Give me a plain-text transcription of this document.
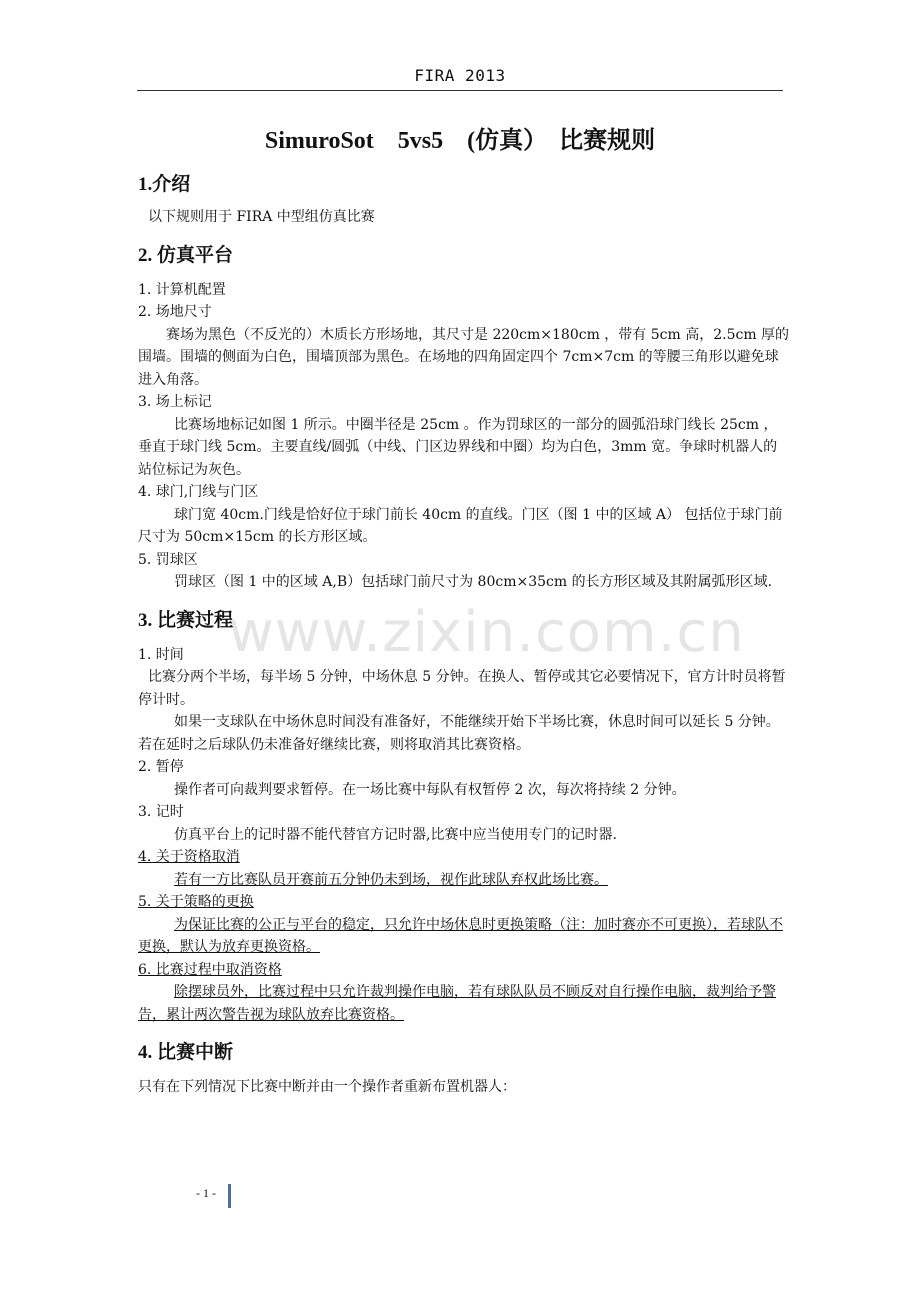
FIRA 2013
SimuroSot    5vs5    (仿真）  比赛规则
1.介绍

以下规则用于 FIRA 中型组仿真比赛

2. 仿真平台

1. 计算机配置

2. 场地尺寸

赛场为黑色（不反光的）木质长方形场地，其尺寸是 220cm×180cm ，带有 5cm 高，2.5cm 厚的围墙。围墙的侧面为白色，围墙顶部为黑色。在场地的四角固定四个 7cm×7cm 的等腰三角形以避免球进入角落。

3. 场上标记

比赛场地标记如图 1 所示。中圈半径是 25cm 。作为罚球区的一部分的圆弧沿球门线长 25cm ，垂直于球门线 5cm。主要直线/圆弧（中线、门区边界线和中圈）均为白色，3mm 宽。争球时机器人的站位标记为灰色。

4. 球门,门线与门区

球门宽 40cm.门线是恰好位于球门前长 40cm 的直线。门区（图 1 中的区域 A） 包括位于球门前尺寸为 50cm×15cm 的长方形区域。

5. 罚球区

罚球区（图 1 中的区域 A,B）包括球门前尺寸为 80cm×35cm 的长方形区域及其附属弧形区域.

3. 比赛过程

1. 时间

比赛分两个半场，每半场 5 分钟，中场休息 5 分钟。在换人、暂停或其它必要情况下，官方计时员将暂停计时。

如果一支球队在中场休息时间没有准备好，不能继续开始下半场比赛，休息时间可以延长 5 分钟。若在延时之后球队仍未准备好继续比赛，则将取消其比赛资格。

2. 暂停

操作者可向裁判要求暂停。在一场比赛中每队有权暂停 2 次，每次将持续 2 分钟。

3. 记时

仿真平台上的记时器不能代替官方记时器,比赛中应当使用专门的记时器.

4. 关于资格取消

若有一方比赛队员开赛前五分钟仍未到场，视作此球队弃权此场比赛。

5. 关于策略的更换

为保证比赛的公正与平台的稳定，只允许中场休息时更换策略（注：加时赛亦不可更换），若球队不更换，默认为放弃更换资格。

6. 比赛过程中取消资格

除摆球员外，比赛过程中只允许裁判操作电脑，若有球队队员不顾反对自行操作电脑，裁判给予警告，累计两次警告视为球队放弃比赛资格。

4. 比赛中断

只有在下列情况下比赛中断并由一个操作者重新布置机器人：

www.zixin.com.cn
- 1 -
